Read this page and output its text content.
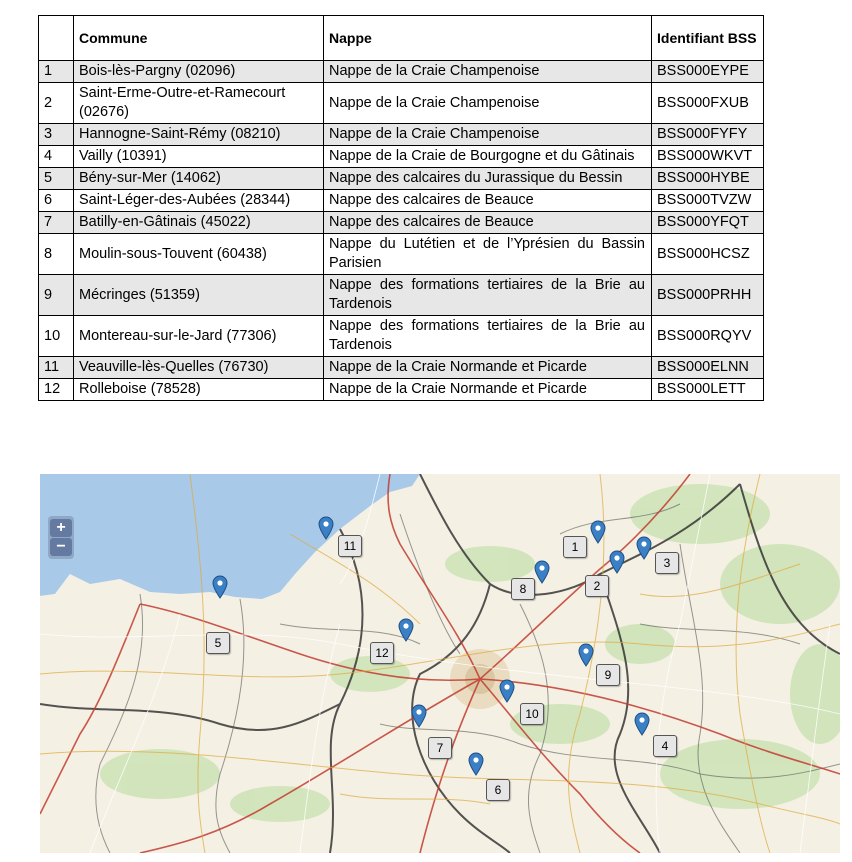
	Commune	Nappe	Identifiant BSS
1	Bois-lès-Pargny (02096)	Nappe de la Craie Champenoise	BSS000EYPE
2	Saint-Erme-Outre-et-Ramecourt (02676)	Nappe de la Craie Champenoise	BSS000FXUB
3	Hannogne-Saint-Rémy (08210)	Nappe de la Craie Champenoise	BSS000FYFY
4	Vailly (10391)	Nappe de la Craie de Bourgogne et du Gâtinais	BSS000WKVT
5	Bény-sur-Mer (14062)	Nappe des calcaires du Jurassique du Bessin	BSS000HYBE
6	Saint-Léger-des-Aubées (28344)	Nappe des calcaires de Beauce	BSS000TVZW
7	Batilly-en-Gâtinais (45022)	Nappe des calcaires de Beauce	BSS000YFQT
8	Moulin-sous-Touvent (60438)	Nappe du Lutétien et de l’Yprésien du Bassin Parisien	BSS000HCSZ
9	Mécringes (51359)	Nappe des formations tertiaires de la Brie au Tardenois	BSS000PRHH
10	Montereau-sur-le-Jard (77306)	Nappe des formations tertiaires de la Brie au Tardenois	BSS000RQYV
11	Veauville-lès-Quelles (76730)	Nappe de la Craie Normande et Picarde	BSS000ELNN
12	Rolleboise (78528)	Nappe de la Craie Normande et Picarde	BSS000LETT
+
−	1
2
3
4
5
6
7
8
9
10
11
12
